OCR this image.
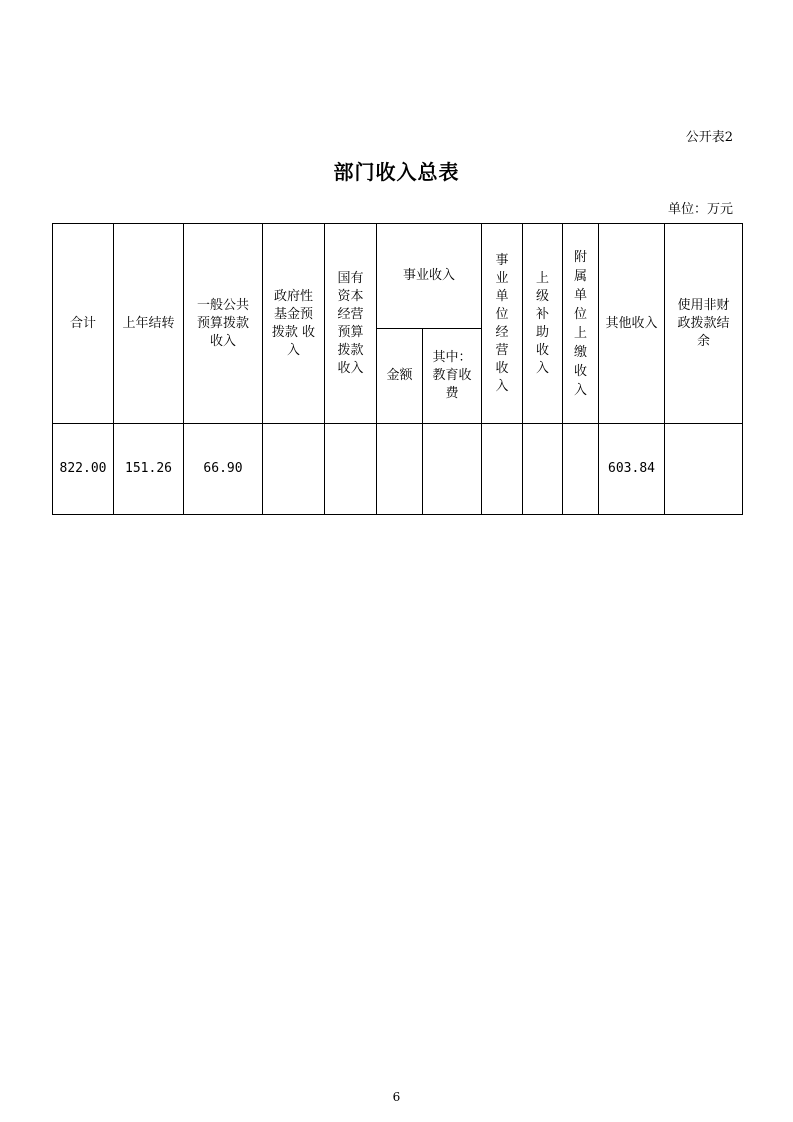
公开表2
部门收入总表
单位：万元
合计	上年结转	一般公共预算拨款收入	政府性基金预拨款 收入	国有资本经营预算拨款收入	事业收入		事业单位经营收入	上级补助收入	附属单位上缴收入	其他收入	使用非财政拨款结余
					金额	其中：教育收费					
822.00	151.26	66.90								603.84	
6
